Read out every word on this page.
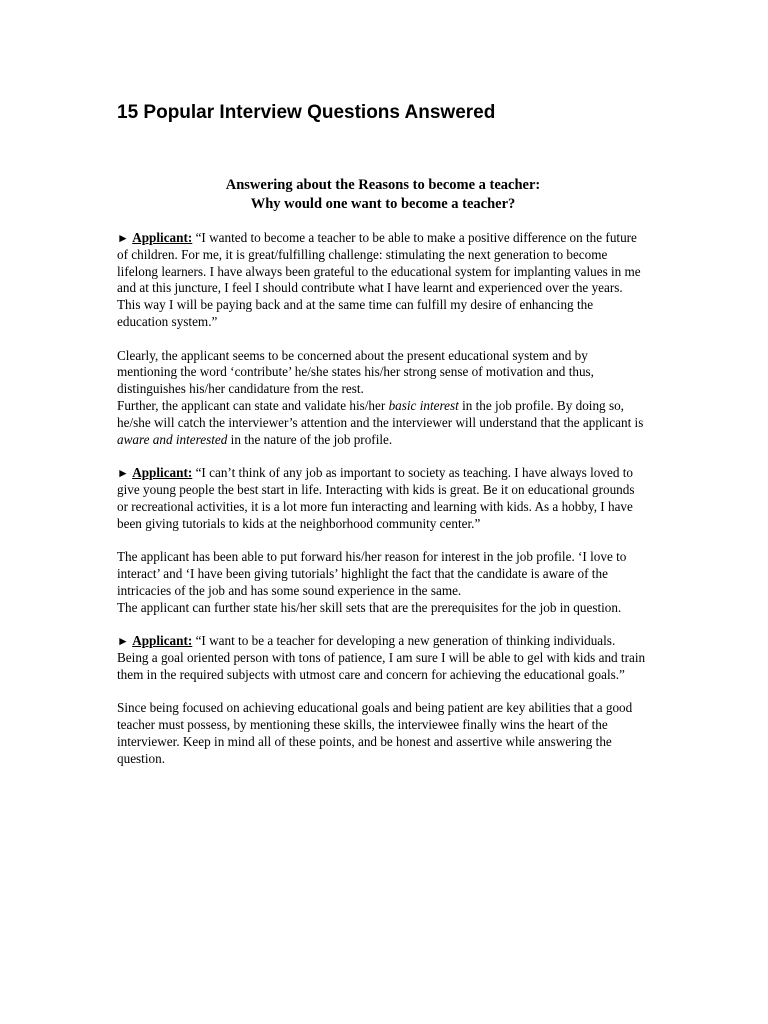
15 Popular Interview Questions Answered
Answering about the Reasons to become a teacher:
Why would one want to become a teacher?

► Applicant: “I wanted to become a teacher to be able to make a positive difference on the future of children. For me, it is great/fulfilling challenge: stimulating the next generation to become lifelong learners. I have always been grateful to the educational system for implanting values in me and at this juncture, I feel I should contribute what I have learnt and experienced over the years. This way I will be paying back and at the same time can fulfill my desire of enhancing the education system.”

Clearly, the applicant seems to be concerned about the present educational system and by mentioning the word ‘contribute’ he/she states his/her strong sense of motivation and thus, distinguishes his/her candidature from the rest.

Further, the applicant can state and validate his/her basic interest in the job profile. By doing so, he/she will catch the interviewer’s attention and the interviewer will understand that the applicant is aware and interested in the nature of the job profile.

► Applicant: “I can’t think of any job as important to society as teaching. I have always loved to give young people the best start in life. Interacting with kids is great. Be it on educational grounds or recreational activities, it is a lot more fun interacting and learning with kids. As a hobby, I have been giving tutorials to kids at the neighborhood community center.”

The applicant has been able to put forward his/her reason for interest in the job profile. ‘I love to interact’ and ‘I have been giving tutorials’ highlight the fact that the candidate is aware of the intricacies of the job and has some sound experience in the same.

The applicant can further state his/her skill sets that are the prerequisites for the job in question.

► Applicant: “I want to be a teacher for developing a new generation of thinking individuals. Being a goal oriented person with tons of patience, I am sure I will be able to gel with kids and train them in the required subjects with utmost care and concern for achieving the educational goals.”

Since being focused on achieving educational goals and being patient are key abilities that a good teacher must possess, by mentioning these skills, the interviewee finally wins the heart of the interviewer. Keep in mind all of these points, and be honest and assertive while answering the question.
